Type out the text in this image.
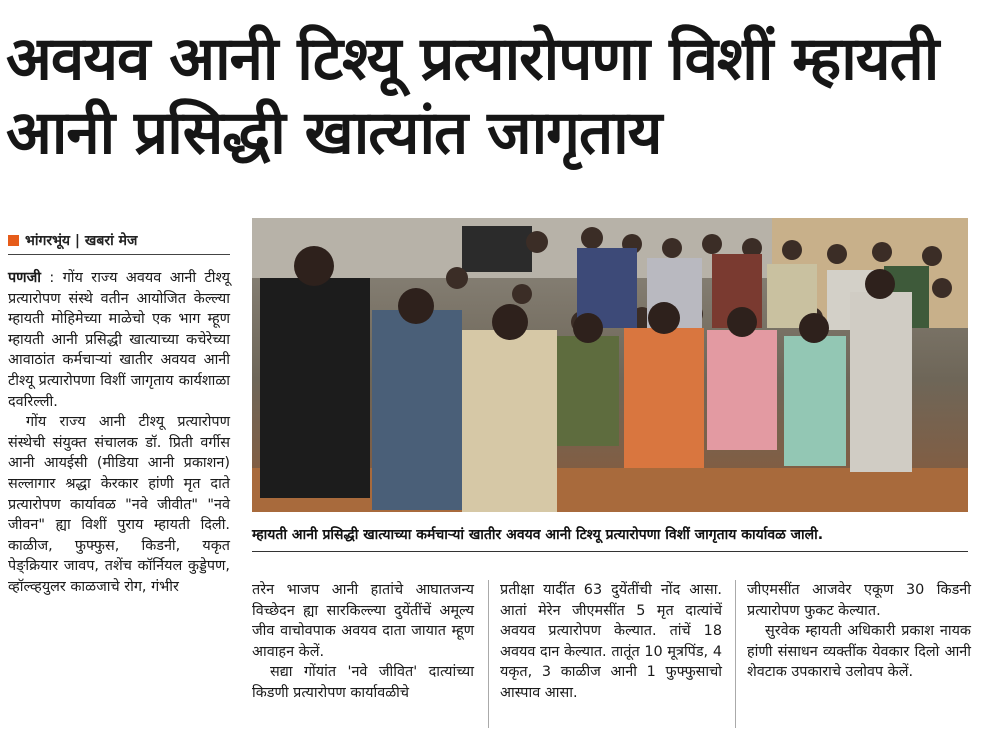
अवयव आनी टिश्यू प्रत्यारोपणा विशीं म्हायती आनी प्रसिद्धी खात्यांत जागृताय
भांगरभूंय | खबरां मेज

पणजी : गोंय राज्य अवयव आनी टीश्यू प्रत्यारोपण संस्थे वतीन आयोजित केल्ल्या म्हायती मोहिमेच्या माळेचो एक भाग म्हूण म्हायती आनी प्रसिद्धी खात्याच्या कचेरेच्या आवाठांत कर्मचाऱ्यां खातीर अवयव आनी टीश्यू प्रत्यारोपणा विशीं जागृताय कार्यशाळा दवरिल्ली.

गोंय राज्य आनी टीश्यू प्रत्यारोपण संस्थेची संयुक्त संचालक डॉ. प्रिती वर्गीस आनी आयईसी (मीडिया आनी प्रकाशन) सल्लागार श्रद्धा केरकार हांणी मृत दाते प्रत्यारोपण कार्यावळ "नवे जीवीत" "नवे जीवन" ह्या विशीं पुराय म्हायती दिली. काळीज, फुफ्फुस, किडनी, यकृत पेङ्क्रियार जावप, तशेंच कॉर्नियल कुड्डेपण, व्हॉल्व्हयुलर काळजाचे रोग, गंभीर

म्हायती आनी प्रसिद्धी खात्याच्या कर्मचाऱ्यां खातीर अवयव आनी टिश्यू प्रत्यारोपणा विशीं जागृताय कार्यावळ जाली.

तरेन भाजप आनी हातांचे आघातजन्य विच्छेदन ह्या सारकिल्ल्या दुयेंतींचें अमूल्य जीव वाचोवपाक अवयव दाता जायात म्हूण आवाहन केलें.

सद्या गोंयांत 'नवे जीवित' दात्यांच्या किडणी प्रत्यारोपण कार्यावळीचे

प्रतीक्षा यादींत 63 दुयेंतींची नोंद आसा. आतां मेरेन जीएमसींत 5 मृत दात्यांचें अवयव प्रत्यारोपण केल्यात. तांचें 18 अवयव दान केल्यात. तातूंत 10 मूत्रपिंड, 4 यकृत, 3 काळीज आनी 1 फुफ्फुसाचो आस्पाव आसा.

जीएमसींत आजवेर एकूण 30 किडनी प्रत्यारोपण फुकट केल्यात.

सुरवेक म्हायती अधिकारी प्रकाश नायक हांणी संसाधन व्यक्तींक येवकार दिलो आनी शेवटाक उपकाराचे उलोवप केलें.
